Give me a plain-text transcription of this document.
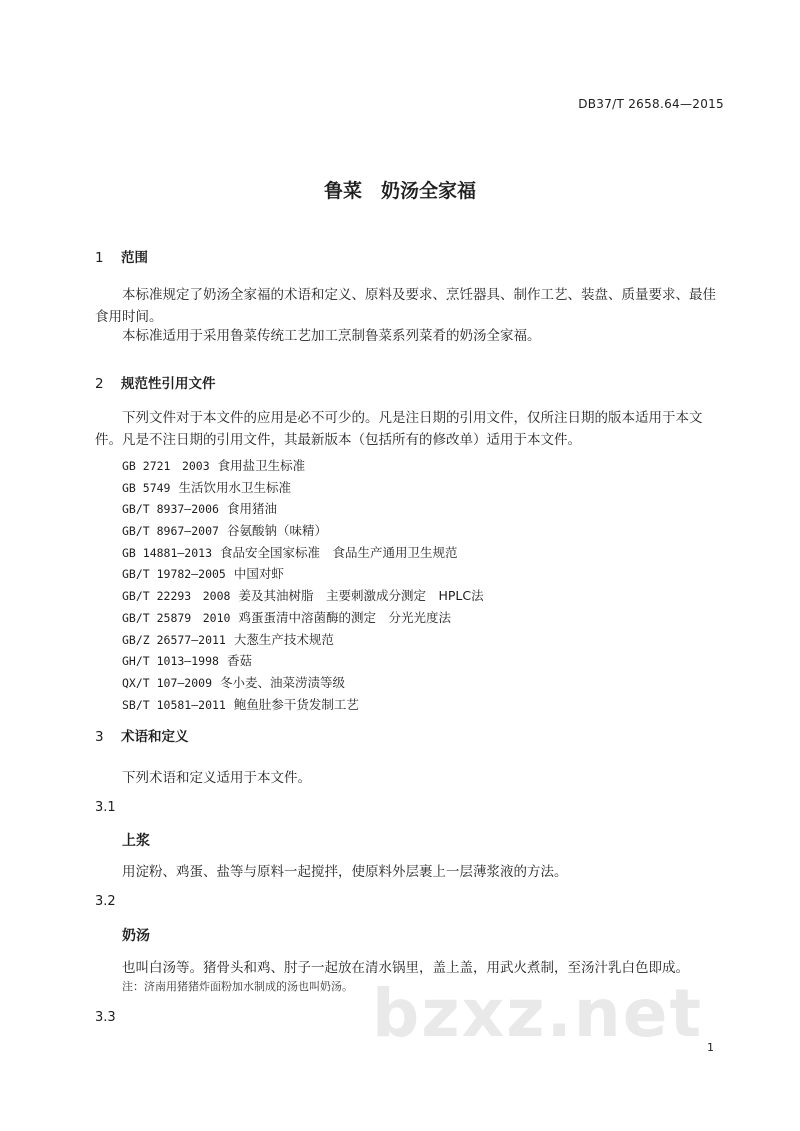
DB37/T 2658.64—2015
鲁菜　奶汤全家福
1 范围
本标准规定了奶汤全家福的术语和定义、原料及要求、烹饪器具、制作工艺、装盘、质量要求、最佳食用时间。
本标准适用于采用鲁菜传统工艺加工烹制鲁菜系列菜肴的奶汤全家福。
2 规范性引用文件
下列文件对于本文件的应用是必不可少的。凡是注日期的引用文件，仅所注日期的版本适用于本文件。凡是不注日期的引用文件，其最新版本（包括所有的修改单）适用于本文件。
GB 2721　2003 食用盐卫生标准
GB 5749 生活饮用水卫生标准
GB/T 8937—2006 食用猪油
GB/T 8967—2007 谷氨酸钠（味精）
GB 14881—2013 食品安全国家标准　食品生产通用卫生规范
GB/T 19782—2005 中国对虾
GB/T 22293　2008 姜及其油树脂　主要刺激成分测定　HPLC法
GB/T 25879　2010 鸡蛋蛋清中溶菌酶的测定　分光光度法
GB/Z 26577—2011 大葱生产技术规范
GH/T 1013—1998 香菇
QX/T 107—2009 冬小麦、油菜涝渍等级
SB/T 10581—2011 鲍鱼肚参干货发制工艺
3 术语和定义
下列术语和定义适用于本文件。
3.1
上浆
用淀粉、鸡蛋、盐等与原料一起搅拌，使原料外层裹上一层薄浆液的方法。
3.2
奶汤
也叫白汤等。猪骨头和鸡、肘子一起放在清水锅里，盖上盖，用武火煮制，至汤汁乳白色即成。
注：济南用猪猪炸面粉加水制成的汤也叫奶汤。
3.3	bzxz.net 1
